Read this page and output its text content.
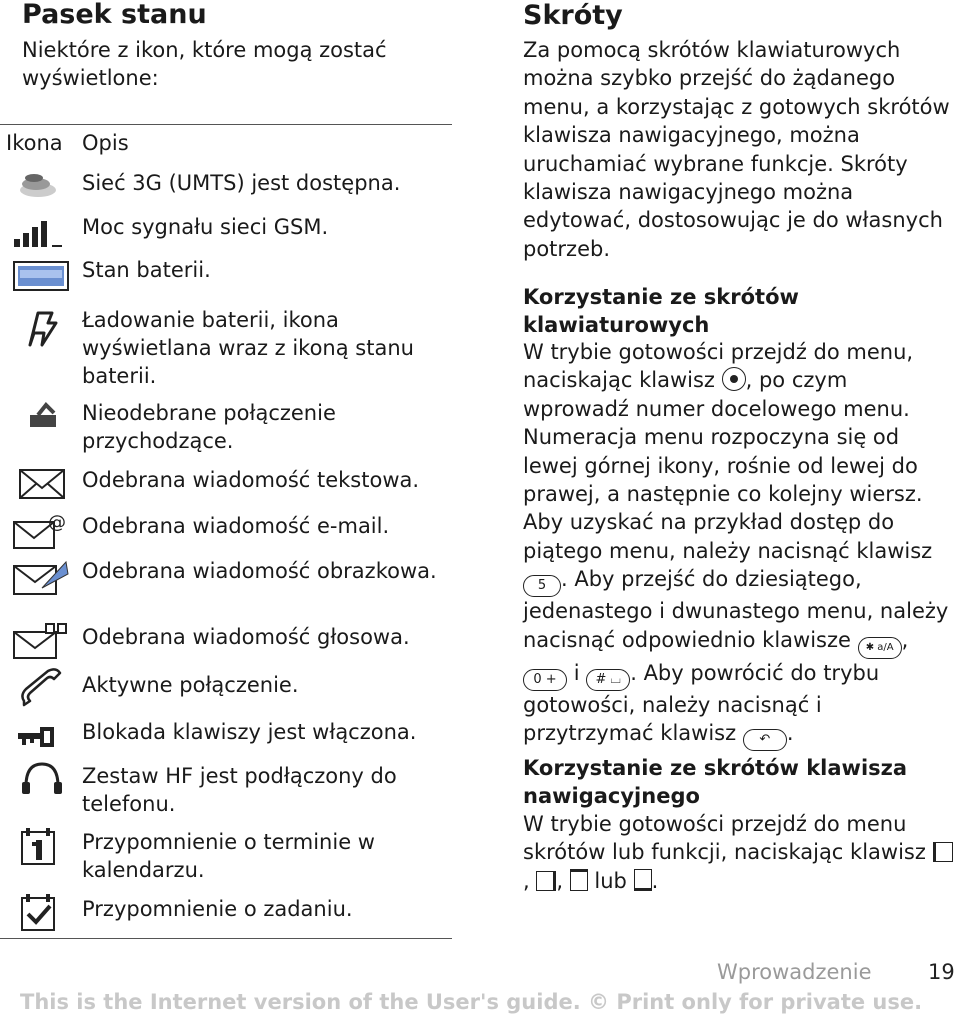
Pasek stanu
Niektóre z ikon, które mogą zostać wyświetlone:
Ikona Opis
Sieć 3G (UMTS) jest dostępna.
Moc sygnału sieci GSM.
Stan baterii.
Ładowanie baterii, ikona wyświetlana wraz z ikoną stanu baterii.
Nieodebrane połączenie przychodzące.
Odebrana wiadomość tekstowa.
@ Odebrana wiadomość e-mail.
Odebrana wiadomość obrazkowa.
Odebrana wiadomość głosowa.
Aktywne połączenie.
Blokada klawiszy jest włączona.
Zestaw HF jest podłączony do telefonu.
Przypomnienie o terminie w kalendarzu.
Przypomnienie o zadaniu.
Skróty
Za pomocą skrótów klawiaturowych można szybko przejść do żądanego menu, a korzystając z gotowych skrótów klawisza nawigacyjnego, można uruchamiać wybrane funkcje. Skróty klawisza nawigacyjnego można edytować, dostosowując je do własnych potrzeb.
Korzystanie ze skrótów klawiaturowych
W trybie gotowości przejdź do menu, naciskając klawisz , po czym wprowadź numer docelowego menu. Numeracja menu rozpoczyna się od lewej górnej ikony, rośnie od lewej do prawej, a następnie co kolejny wiersz. Aby uzyskać na przykład dostęp do piątego menu, należy nacisnąć klawisz 5 . Aby przejść do dziesiątego, jedenastego i dwunastego menu, należy nacisnąć odpowiednio klawisze ✱ a/A , 0 + i # ⌴ . Aby powrócić do trybu gotowości, należy nacisnąć i przytrzymać klawisz ↶ .
Korzystanie ze skrótów klawisza nawigacyjnego
W trybie gotowości przejdź do menu skrótów lub funkcji, naciskając klawisz , ,  lub .
Wprowadzenie	19
This is the Internet version of the User's guide. © Print only for private use.
